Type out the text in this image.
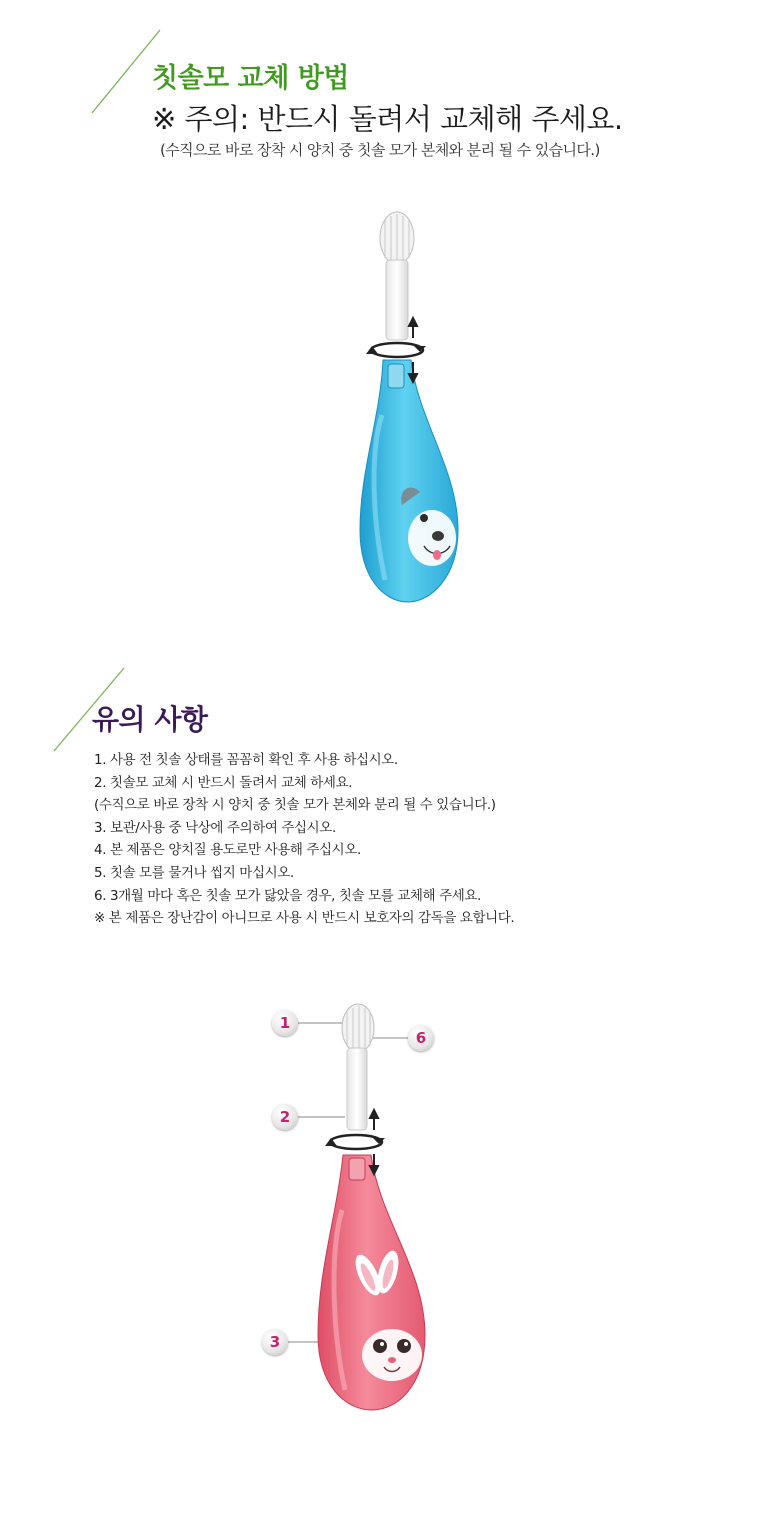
칫솔모 교체 방법
※ 주의: 반드시 돌려서 교체해 주세요.
(수직으로 바로 장착 시 양치 중 칫솔 모가 본체와 분리 될 수 있습니다.)
유의 사항
1. 사용 전 칫솔 상태를 꼼꼼히 확인 후 사용 하십시오.
2. 칫솔모 교체 시 반드시 돌려서 교체 하세요.
(수직으로 바로 장착 시 양치 중 칫솔 모가 본체와 분리 될 수 있습니다.)
3. 보관/사용 중 낙상에 주의하여 주십시오.
4. 본 제품은 양치질 용도로만 사용해 주십시오.
5. 칫솔 모를 물거나 씹지 마십시오.
6. 3개월 마다 혹은 칫솔 모가 닳았을 경우, 칫솔 모를 교체해 주세요.
※ 본 제품은 장난감이 아니므로 사용 시 반드시 보호자의 감독을 요합니다.
1
6
2
3
